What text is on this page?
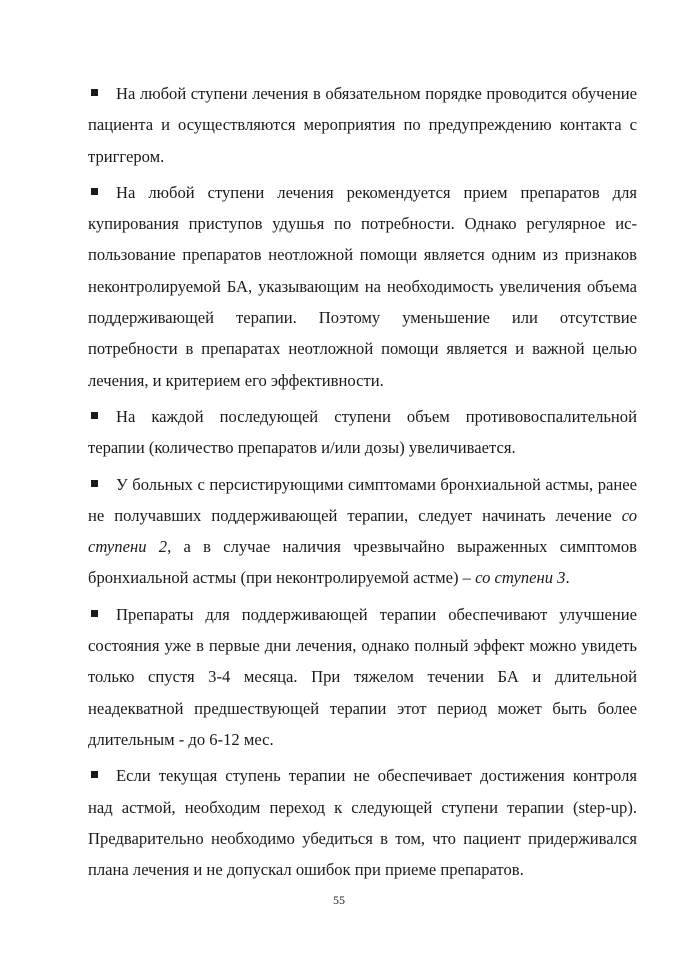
На любой ступени лечения в обязательном порядке проводится обучение пациента и осуществляются мероприятия по предупреждению контакта с триггером.

На любой ступени лечения рекомендуется прием препаратов для купирования приступов удушья по потребности. Однако регулярное использование препаратов неотложной помощи является одним из признаков неконтролируемой БА, указывающим на необходимость увеличения объема поддерживающей терапии. Поэтому уменьшение или отсутствие потребности в препаратах неотложной помощи является и важной целью лечения, и критерием его эффективности.

На каждой последующей ступени объем противовоспалительной терапии (количество препаратов и/или дозы) увеличивается.

У больных с персистирующими симптомами бронхиальной астмы, ранее не получавших поддерживающей терапии, следует начинать лечение со ступени 2, а в случае наличия чрезвычайно выраженных симптомов бронхиальной астмы (при неконтролируемой астме) – со ступени 3.

Препараты для поддерживающей терапии обеспечивают улучшение состояния уже в первые дни лечения, однако полный эффект можно увидеть только спустя 3-4 месяца. При тяжелом течении БА и длительной неадекватной предшествующей терапии этот период может быть более длительным - до 6-12 мес.

Если текущая ступень терапии не обеспечивает достижения контроля над астмой, необходим переход к следующей ступени терапии (step-up). Предварительно необходимо убедиться в том, что пациент придерживался плана лечения и не допускал ошибок при приеме препаратов.

55
